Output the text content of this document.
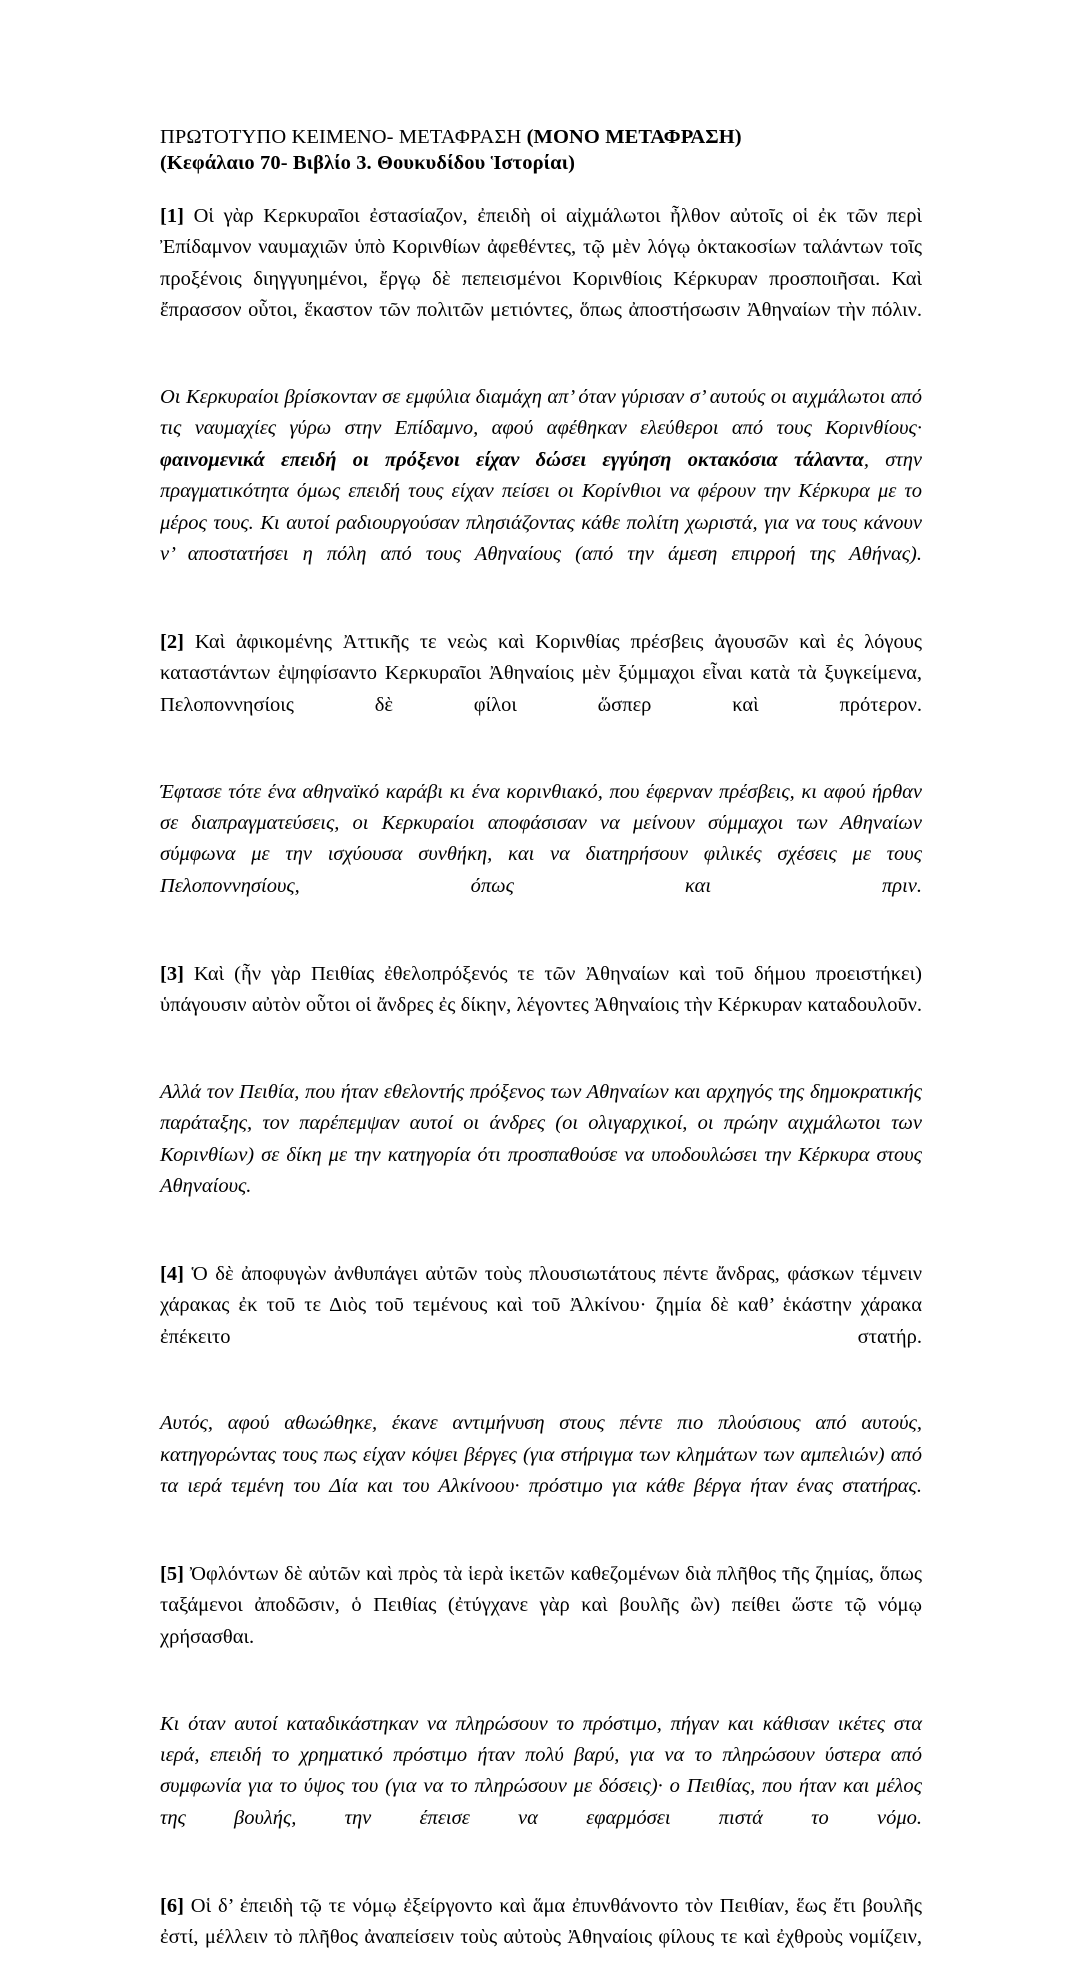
ΠΡΩΤΟΤΥΠΟ ΚΕΙΜΕΝΟ- ΜΕΤΑΦΡΑΣΗ (ΜΟΝΟ ΜΕΤΑΦΡΑΣΗ)

(Κεφάλαιο 70- Βιβλίο 3. Θουκυδίδου Ἱστορίαι)

[1] Οἱ γὰρ Κερκυραῖοι ἐστασίαζον, ἐπειδὴ οἱ αἰχμάλωτοι ἦλθον αὐτοῖς οἱ ἐκ τῶν περὶ Ἐπίδαμνον ναυμαχιῶν ὑπὸ Κορινθίων ἀφεθέντες, τῷ μὲν λόγῳ ὀκτακοσίων ταλάντων τοῖς προξένοις διηγγυημένοι, ἔργῳ δὲ πεπεισμένοι Κορινθίοις Κέρκυραν προσποιῆσαι. Καὶ ἔπρασσον οὗτοι, ἕκαστον τῶν πολιτῶν μετιόντες, ὅπως ἀποστήσωσιν Ἀθηναίων τὴν πόλιν.

Οι Κερκυραίοι βρίσκονταν σε εμφύλια διαμάχη απ’ όταν γύρισαν σ’ αυτούς οι αιχμάλωτοι από τις ναυμαχίες γύρω στην Επίδαμνο, αφού αφέθηκαν ελεύθεροι από τους Κορινθίους· φαινομενικά επειδή οι πρόξενοι είχαν δώσει εγγύηση οκτακόσια τάλαντα, στην πραγματικότητα όμως επειδή τους είχαν πείσει οι Κορίνθιοι να φέρουν την Κέρκυρα με το μέρος τους. Κι αυτοί ραδιουργούσαν πλησιάζοντας κάθε πολίτη χωριστά, για να τους κάνουν ν’ αποστατήσει η πόλη από τους Αθηναίους (από την άμεση επιρροή της Αθήνας).

[2] Καὶ ἀφικομένης Ἀττικῆς τε νεὼς καὶ Κορινθίας πρέσβεις ἀγουσῶν καὶ ἐς λόγους καταστάντων ἐψηφίσαντο Κερκυραῖοι Ἀθηναίοις μὲν ξύμμαχοι εἶναι κατὰ τὰ ξυγκείμενα, Πελοποννησίοις δὲ φίλοι ὥσπερ καὶ πρότερον.

Έφτασε τότε ένα αθηναϊκό καράβι κι ένα κορινθιακό, που έφερναν πρέσβεις, κι αφού ήρθαν σε διαπραγματεύσεις, οι Κερκυραίοι αποφάσισαν να μείνουν σύμμαχοι των Αθηναίων σύμφωνα με την ισχύουσα συνθήκη, και να διατηρήσουν φιλικές σχέσεις με τους Πελοποννησίους, όπως και πριν.

[3] Καὶ (ἦν γὰρ Πειθίας ἐθελοπρόξενός τε τῶν Ἀθηναίων καὶ τοῦ δήμου προειστήκει) ὑπάγουσιν αὐτὸν οὗτοι οἱ ἄνδρες ἐς δίκην, λέγοντες Ἀθηναίοις τὴν Κέρκυραν καταδουλοῦν.

Αλλά τον Πειθία, που ήταν εθελοντής πρόξενος των Αθηναίων και αρχηγός της δημοκρατικής παράταξης, τον παρέπεμψαν αυτοί οι άνδρες (οι ολιγαρχικοί, οι πρώην αιχμάλωτοι των Κορινθίων) σε δίκη με την κατηγορία ότι προσπαθούσε να υποδουλώσει την Κέρκυρα στους Αθηναίους.

[4] Ὁ δὲ ἀποφυγὼν ἀνθυπάγει αὐτῶν τοὺς πλουσιωτάτους πέντε ἄνδρας, φάσκων τέμνειν χάρακας ἐκ τοῦ τε Διὸς τοῦ τεμένους καὶ τοῦ Ἀλκίνου· ζημία δὲ καθ’ ἑκάστην χάρακα ἐπέκειτο στατήρ.

Αυτός, αφού αθωώθηκε, έκανε αντιμήνυση στους πέντε πιο πλούσιους από αυτούς, κατηγορώντας τους πως είχαν κόψει βέργες (για στήριγμα των κλημάτων των αμπελιών) από τα ιερά τεμένη του Δία και του Αλκίνοου· πρόστιμο για κάθε βέργα ήταν ένας στατήρας.

[5] Ὀφλόντων δὲ αὐτῶν καὶ πρὸς τὰ ἱερὰ ἱκετῶν καθεζομένων διὰ πλῆθος τῆς ζημίας, ὅπως ταξάμενοι ἀποδῶσιν, ὁ Πειθίας (ἐτύγχανε γὰρ καὶ βουλῆς ὢν) πείθει ὥστε τῷ νόμῳ χρήσασθαι.

Κι όταν αυτοί καταδικάστηκαν να πληρώσουν το πρόστιμο, πήγαν και κάθισαν ικέτες στα ιερά, επειδή το χρηματικό πρόστιμο ήταν πολύ βαρύ, για να το πληρώσουν ύστερα από συμφωνία για το ύψος του (για να το πληρώσουν με δόσεις)· ο Πειθίας, που ήταν και μέλος της βουλής, την έπεισε να εφαρμόσει πιστά το νόμο.

[6] Οἱ δ’ ἐπειδὴ τῷ τε νόμῳ ἐξείργοντο καὶ ἅμα ἐπυνθάνοντο τὸν Πειθίαν, ἕως ἔτι βουλῆς ἐστί, μέλλειν τὸ πλῆθος ἀναπείσειν τοὺς αὐτοὺς Ἀθηναίοις φίλους τε καὶ ἐχθροὺς νομίζειν,
